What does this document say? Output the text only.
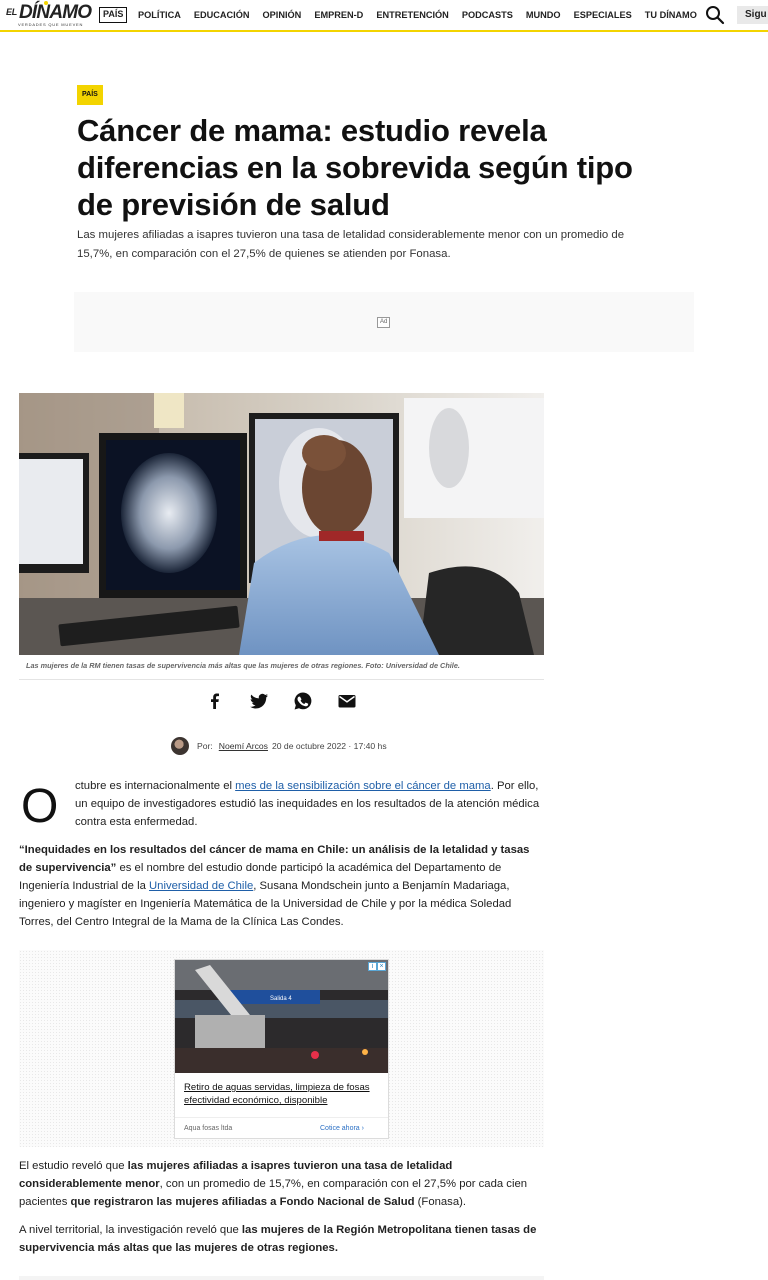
EL DÍNAMO
VERDADES QUE MUEVEN
PAÍS	POLÍTICA EDUCACIÓN OPINIÓN EMPREN-D ENTRETENCIÓN PODCASTS MUNDO ESPECIALES TU DÍNAMO	Sigu
PAÍS
Cáncer de mama: estudio revela diferencias en la sobrevida según tipo de previsión de salud

Las mujeres afiliadas a isapres tuvieron una tasa de letalidad considerablemente menor con un promedio de 15,7%, en comparación con el 27,5% de quienes se atienden por Fonasa.

Ad
Las mujeres de la RM tienen tasas de supervivencia más altas que las mujeres de otras regiones. Foto: Universidad de Chile.
Por: Noemí Arcos 20 de octubre 2022 · 17:40 hs
O ctubre es internacionalmente el mes de la sensibilización sobre el cáncer de mama. Por ello, un equipo de investigadores estudió las inequidades en los resultados de la atención médica contra esta enfermedad.

“Inequidades en los resultados del cáncer de mama en Chile: un análisis de la letalidad y tasas de supervivencia” es el nombre del estudio donde participó la académica del Departamento de Ingeniería Industrial de la Universidad de Chile, Susana Mondschein junto a Benjamín Madariaga, ingeniero y magíster en Ingeniería Matemática de la Universidad de Chile y por la médica Soledad Torres, del Centro Integral de la Mama de la Clínica Las Condes.

Salida 4
i ×
Retiro de aguas servidas, limpieza de fosas efectividad económico, disponible
Aqua fosas ltda	Cotice ahora ›

El estudio reveló que las mujeres afiliadas a isapres tuvieron una tasa de letalidad considerablemente menor, con un promedio de 15,7%, en comparación con el 27,5% por cada cien pacientes que registraron las mujeres afiliadas a Fondo Nacional de Salud (Fonasa).

A nivel territorial, la investigación reveló que las mujeres de la Región Metropolitana tienen tasas de supervivencia más altas que las mujeres de otras regiones.
